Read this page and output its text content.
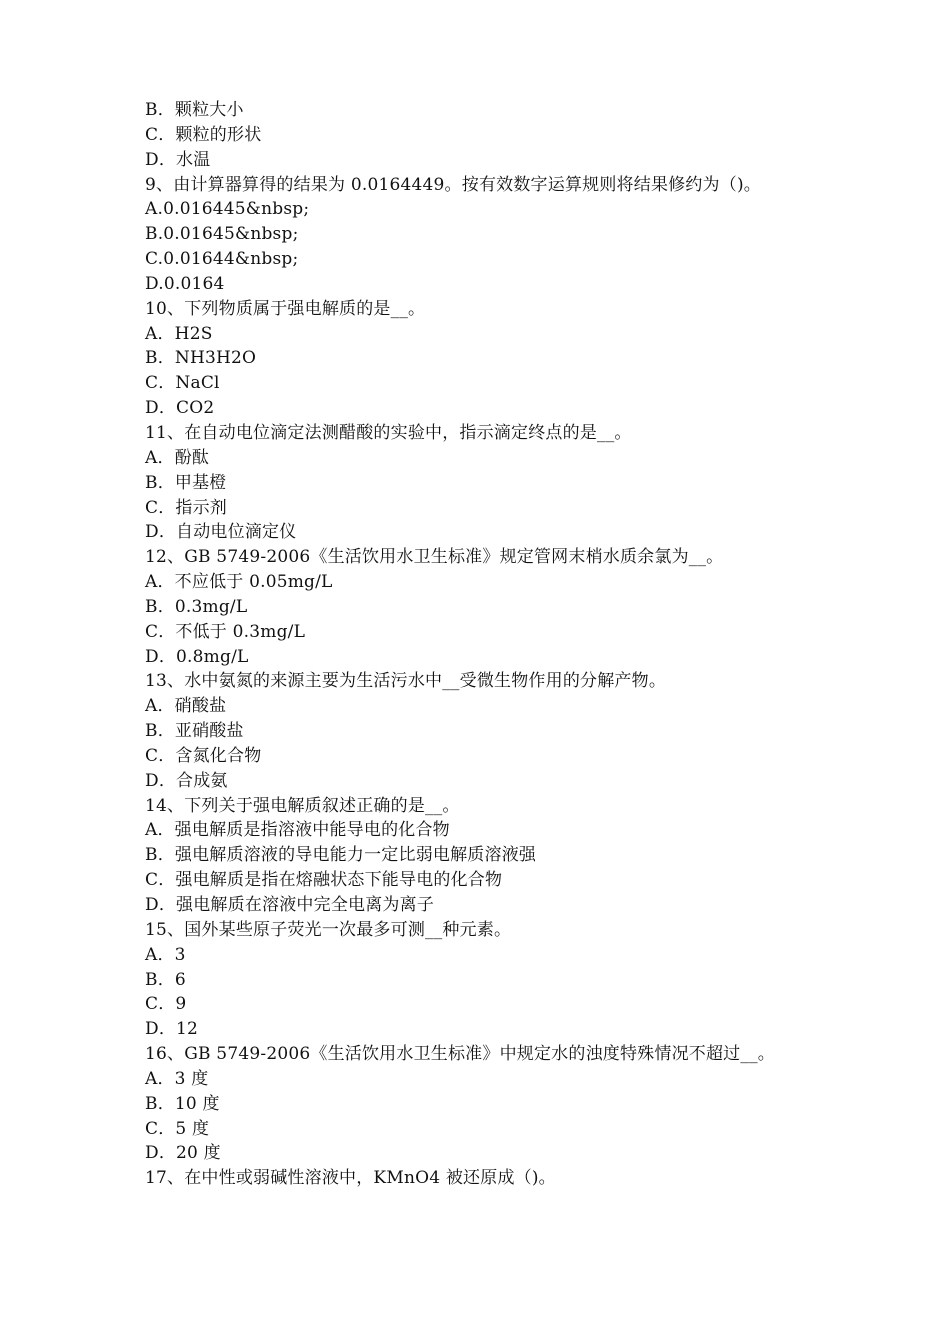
B．颗粒大小
C．颗粒的形状
D．水温
9、由计算器算得的结果为 0.0164449。按有效数字运算规则将结果修约为（)。
A.0.016445&nbsp;
B.0.01645&nbsp;
C.0.01644&nbsp;
D.0.0164
10、下列物质属于强电解质的是__。
A．H2S
B．NH3H2O
C．NaCl
D．CO2
11、在自动电位滴定法测醋酸的实验中，指示滴定终点的是__。
A．酚酞
B．甲基橙
C．指示剂
D．自动电位滴定仪
12、GB 5749-2006《生活饮用水卫生标准》规定管网末梢水质余氯为__。
A．不应低于 0.05mg/L
B．0.3mg/L
C．不低于 0.3mg/L
D．0.8mg/L
13、水中氨氮的来源主要为生活污水中__受微生物作用的分解产物。
A．硝酸盐
B．亚硝酸盐
C．含氮化合物
D．合成氨
14、下列关于强电解质叙述正确的是__。
A．强电解质是指溶液中能导电的化合物
B．强电解质溶液的导电能力一定比弱电解质溶液强
C．强电解质是指在熔融状态下能导电的化合物
D．强电解质在溶液中完全电离为离子
15、国外某些原子荧光一次最多可测__种元素。
A．3
B．6
C．9
D．12
16、GB 5749-2006《生活饮用水卫生标准》中规定水的浊度特殊情况不超过__。
A．3 度
B．10 度
C．5 度
D．20 度
17、在中性或弱碱性溶液中，KMnO4 被还原成（)。
